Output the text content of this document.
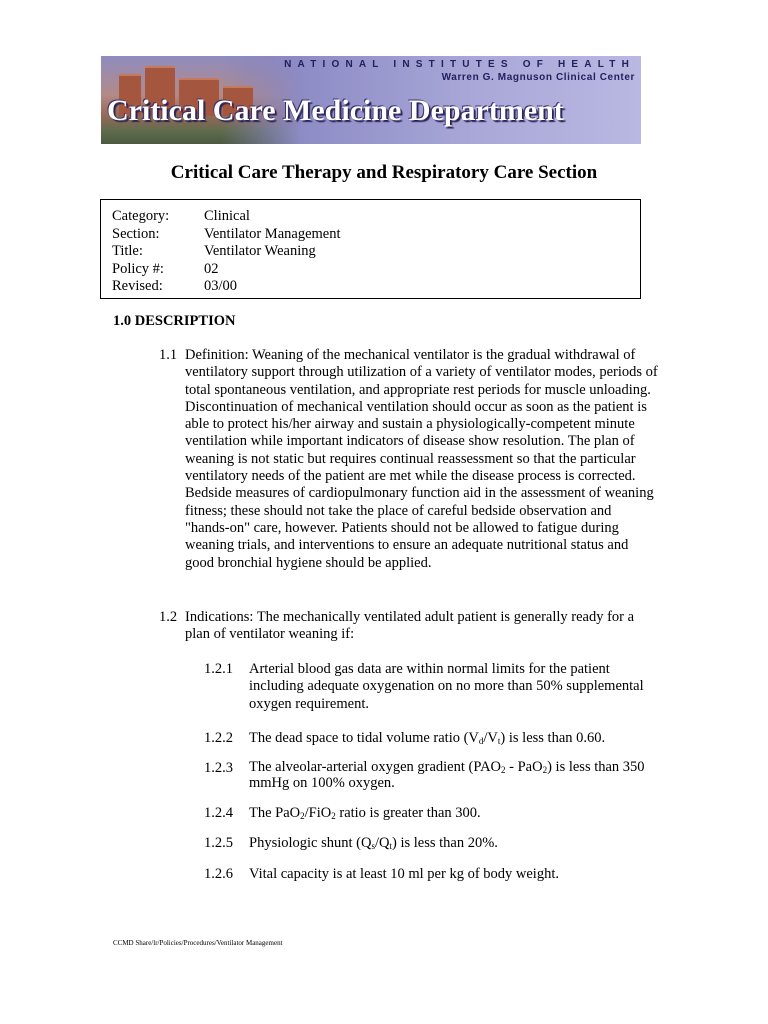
NATIONAL INSTITUTES OF HEALTH
Warren G. Magnuson Clinical Center
Critical Care Medicine Department
Critical Care Therapy and Respiratory Care Section
Category: Clinical
Section:	Ventilator Management
Title:	Ventilator Weaning
Policy #:	02
Revised:	03/00
1.0 DESCRIPTION
1.1 Definition: Weaning of the mechanical ventilator is the gradual withdrawal of ventilatory support through utilization of a variety of ventilator modes, periods of total spontaneous ventilation, and appropriate rest periods for muscle unloading. Discontinuation of mechanical ventilation should occur as soon as the patient is able to protect his/her airway and sustain a physiologically-competent minute ventilation while important indicators of disease show resolution. The plan of weaning is not static but requires continual reassessment so that the particular ventilatory needs of the patient are met while the disease process is corrected. Bedside measures of cardiopulmonary function aid in the assessment of weaning fitness; these should not take the place of careful bedside observation and "hands-on" care, however. Patients should not be allowed to fatigue during weaning trials, and interventions to ensure an adequate nutritional status and good bronchial hygiene should be applied.
1.2 Indications: The mechanically ventilated adult patient is generally ready for a plan of ventilator weaning if:
1.2.1 Arterial blood gas data are within normal limits for the patient including adequate oxygenation on no more than 50% supplemental oxygen requirement.
1.2.2 The dead space to tidal volume ratio $(V_d/V_t)$ is less than 0.60.
1.2.3 The alveolar-arterial oxygen gradient $(PAO_2 - PaO_2)$ is less than 350 mmHg on 100% oxygen.
1.2.4 The PaO$_2$/FiO$_2$ ratio is greater than 300.
1.2.5 Physiologic shunt $(Q_s/Q_t)$ is less than 20%.
1.2.6 Vital capacity is at least 10 ml per kg of body weight.
CCMD Share/lr/Policies/Procedures/Ventilator Management
